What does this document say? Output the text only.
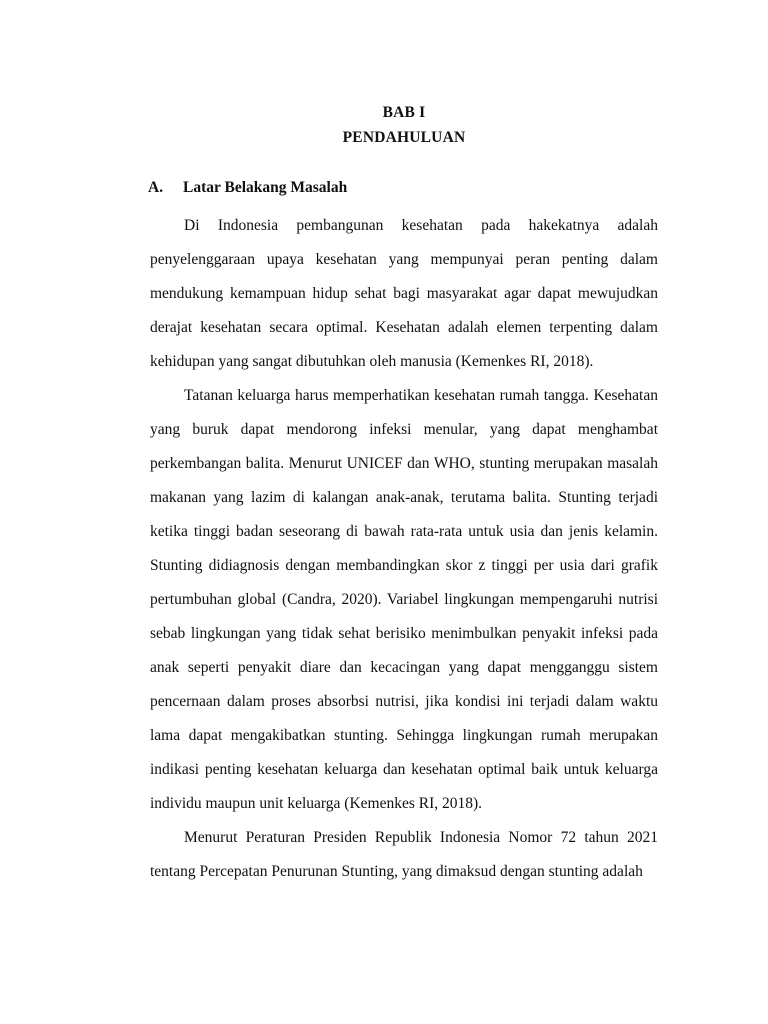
BAB I
PENDAHULUAN
A. Latar Belakang Masalah

Di Indonesia pembangunan kesehatan pada hakekatnya adalah penyelenggaraan upaya kesehatan yang mempunyai peran penting dalam mendukung kemampuan hidup sehat bagi masyarakat agar dapat mewujudkan derajat kesehatan secara optimal. Kesehatan adalah elemen terpenting dalam kehidupan yang sangat dibutuhkan oleh manusia (Kemenkes RI, 2018).

Tatanan keluarga harus memperhatikan kesehatan rumah tangga. Kesehatan yang buruk dapat mendorong infeksi menular, yang dapat menghambat perkembangan balita. Menurut UNICEF dan WHO, stunting merupakan masalah makanan yang lazim di kalangan anak-anak, terutama balita. Stunting terjadi ketika tinggi badan seseorang di bawah rata-rata untuk usia dan jenis kelamin. Stunting didiagnosis dengan membandingkan skor z tinggi per usia dari grafik pertumbuhan global (Candra, 2020). Variabel lingkungan mempengaruhi nutrisi sebab lingkungan yang tidak sehat berisiko menimbulkan penyakit infeksi pada anak seperti penyakit diare dan kecacingan yang dapat mengganggu sistem pencernaan dalam proses absorbsi nutrisi, jika kondisi ini terjadi dalam waktu lama dapat mengakibatkan stunting. Sehingga lingkungan rumah merupakan indikasi penting kesehatan keluarga dan kesehatan optimal baik untuk keluarga individu maupun unit keluarga (Kemenkes RI, 2018).

Menurut Peraturan Presiden Republik Indonesia Nomor 72 tahun 2021 tentang Percepatan Penurunan Stunting, yang dimaksud dengan stunting adalah
